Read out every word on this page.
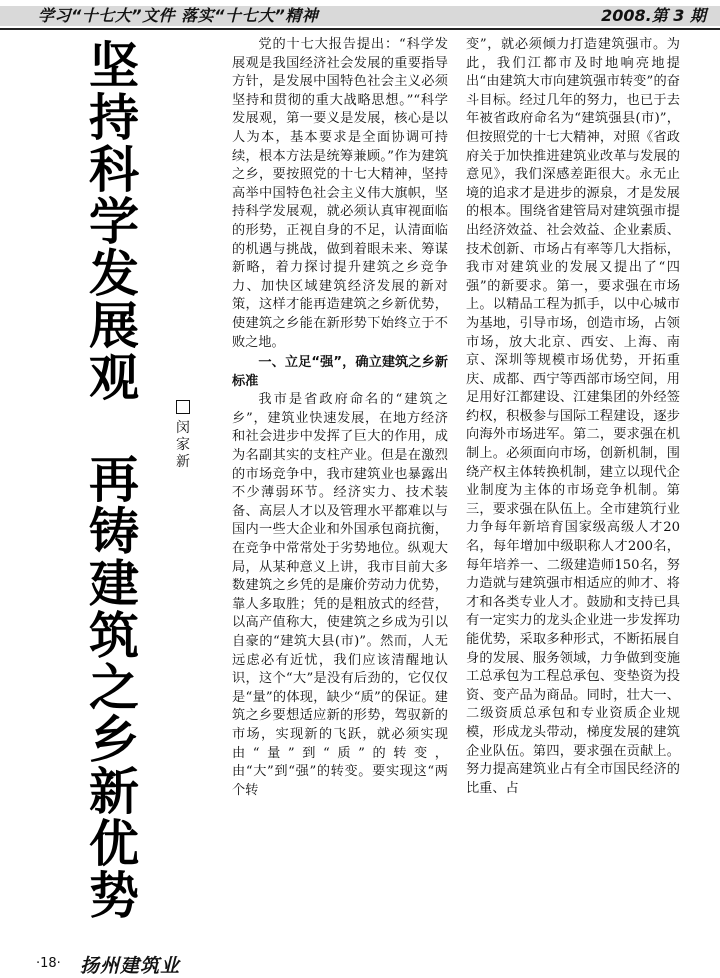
学习“十七大”文件 落实“十七大”精神	2008.第 3 期
坚
持
科
学
发
展
观
再
铸
建
筑
之
乡
新
优
势
闵
家
新

党的十七大报告提出：“科学发展观是我国经济社会发展的重要指导方针，是发展中国特色社会主义必须坚持和贯彻的重大战略思想。”“科学发展观，第一要义是发展，核心是以人为本，基本要求是全面协调可持续，根本方法是统筹兼顾。”作为建筑之乡，要按照党的十七大精神，坚持高举中国特色社会主义伟大旗帜，坚持科学发展观，就必须认真审视面临的形势，正视自身的不足，认清面临的机遇与挑战，做到着眼未来、筹谋新略，着力探讨提升建筑之乡竞争力、加快区域建筑经济发展的新对策，这样才能再造建筑之乡新优势，使建筑之乡能在新形势下始终立于不败之地。

一、立足“强”，确立建筑之乡新标准

我市是省政府命名的“建筑之乡”，建筑业快速发展，在地方经济和社会进步中发挥了巨大的作用，成为名副其实的支柱产业。但是在激烈的市场竞争中，我市建筑业也暴露出不少薄弱环节。经济实力、技术装备、高层人才以及管理水平都难以与国内一些大企业和外国承包商抗衡，在竞争中常常处于劣势地位。纵观大局，从某种意义上讲，我市目前大多数建筑之乡凭的是廉价劳动力优势，靠人多取胜；凭的是粗放式的经营，以高产值称大，使建筑之乡成为引以自豪的“建筑大县(市)”。然而，人无远虑必有近忧，我们应该清醒地认识，这个“大”是没有后劲的，它仅仅是“量”的体现，缺少“质”的保证。建筑之乡要想适应新的形势，驾驭新的市场，实现新的飞跃，就必须实现由“量”到“质”的转变，由“大”到“强”的转变。要实现这“两个转

变”，就必须倾力打造建筑强市。为此，我们江都市及时地响亮地提出“由建筑大市向建筑强市转变”的奋斗目标。经过几年的努力，也已于去年被省政府命名为“建筑强县(市)”，但按照党的十七大精神，对照《省政府关于加快推进建筑业改革与发展的意见》，我们深感差距很大。永无止境的追求才是进步的源泉，才是发展的根本。围绕省建管局对建筑强市提出经济效益、社会效益、企业素质、技术创新、市场占有率等几大指标，我市对建筑业的发展又提出了“四强”的新要求。第一，要求强在市场上。以精品工程为抓手，以中心城市为基地，引导市场，创造市场，占领市场，放大北京、西安、上海、南京、深圳等规模市场优势，开拓重庆、成都、西宁等西部市场空间，用足用好江都建设、江建集团的外经签约权，积极参与国际工程建设，逐步向海外市场进军。第二，要求强在机制上。必须面向市场，创新机制，围绕产权主体转换机制，建立以现代企业制度为主体的市场竞争机制。第三，要求强在队伍上。全市建筑行业力争每年新培育国家级高级人才20名，每年增加中级职称人才200名，每年培养一、二级建造师150名，努力造就与建筑强市相适应的帅才、将才和各类专业人才。鼓励和支持已具有一定实力的龙头企业进一步发挥功能优势，采取多种形式，不断拓展自身的发展、服务领域，力争做到变施工总承包为工程总承包、变垫资为投资、变产品为商品。同时，壮大一、二级资质总承包和专业资质企业规模，形成龙头带动，梯度发展的建筑企业队伍。第四，要求强在贡献上。努力提高建筑业占有全市国民经济的比重、占

·18· 扬州建筑业
